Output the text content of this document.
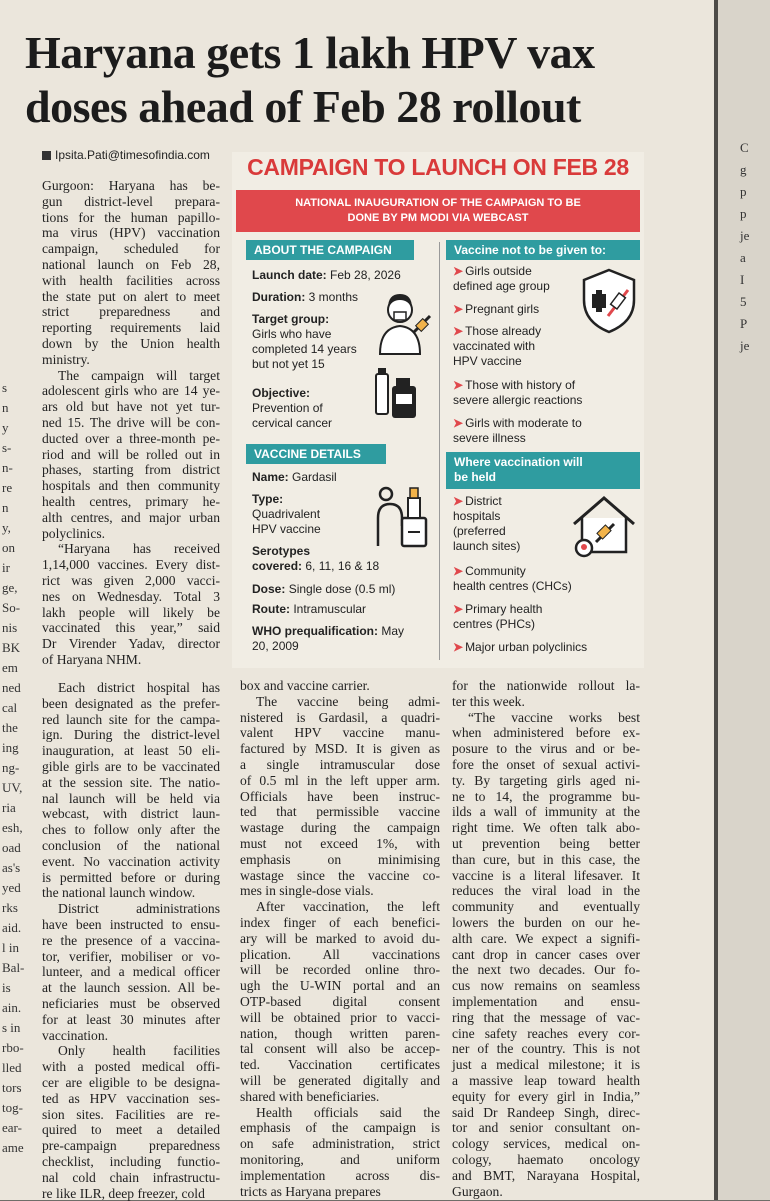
Haryana gets 1 lakh HPV vax
doses ahead of Feb 28 rollout
Ipsita.Pati@timesofindia.com
Gurgoon: Haryana has be-
gun district-level prepara-
tions for the human papillo-
ma virus (HPV) vaccination
campaign, scheduled for
national launch on Feb 28,
with health facilities across
the state put on alert to meet
strict preparedness and
reporting requirements laid
down by the Union health
ministry.
The campaign will target
adolescent girls who are 14 ye-
ars old but have not yet tur-
ned 15. The drive will be con-
ducted over a three-month pe-
riod and will be rolled out in
phases, starting from district
hospitals and then community
health centres, primary he-
alth centres, and major urban
polyclinics.
“Haryana has received
1,14,000 vaccines. Every dist-
rict was given 2,000 vacci-
nes on Wednesday. Total 3
lakh people will likely be
vaccinated this year,” said
Dr Virender Yadav, director
of Haryana NHM.
Each district hospital has
been designated as the prefer-
red launch site for the campa-
ign. During the district-level
inauguration, at least 50 eli-
gible girls are to be vaccinated
at the session site. The natio-
nal launch will be held via
webcast, with district laun-
ches to follow only after the
conclusion of the national
event. No vaccination activity
is permitted before or during
the national launch window.
District administrations
have been instructed to ensu-
re the presence of a vaccina-
tor, verifier, mobiliser or vo-
lunteer, and a medical officer
at the launch session. All be-
neficiaries must be observed
for at least 30 minutes after
vaccination.
Only health facilities
with a posted medical offi-
cer are eligible to be designa-
ted as HPV vaccination ses-
sion sites. Facilities are re-
quired to meet a detailed
pre-campaign preparedness
checklist, including functio-
nal cold chain infrastructu-
re like ILR, deep freezer, cold
box and vaccine carrier.
The vaccine being admi-
nistered is Gardasil, a quadri-
valent HPV vaccine manu-
factured by MSD. It is given as
a single intramuscular dose
of 0.5 ml in the left upper arm.
Officials have been instruc-
ted that permissible vaccine
wastage during the campaign
must not exceed 1%, with
emphasis on minimising
wastage since the vaccine co-
mes in single-dose vials.
After vaccination, the left
index finger of each benefici-
ary will be marked to avoid du-
plication. All vaccinations
will be recorded online thro-
ugh the U-WIN portal and an
OTP-based digital consent
will be obtained prior to vacci-
nation, though written paren-
tal consent will also be accep-
ted. Vaccination certificates
will be generated digitally and
shared with beneficiaries.
Health officials said the
emphasis of the campaign is
on safe administration, strict
monitoring, and uniform
implementation across dis-
tricts as Haryana prepares
for the nationwide rollout la-
ter this week.
“The vaccine works best
when administered before ex-
posure to the virus and or be-
fore the onset of sexual activi-
ty. By targeting girls aged ni-
ne to 14, the programme bu-
ilds a wall of immunity at the
right time. We often talk abo-
ut prevention being better
than cure, but in this case, the
vaccine is a literal lifesaver. It
reduces the viral load in the
community and eventually
lowers the burden on our he-
alth care. We expect a signifi-
cant drop in cancer cases over
the next two decades. Our fo-
cus now remains on seamless
implementation and ensu-
ring that the message of vac-
cine safety reaches every cor-
ner of the country. This is not
just a medical milestone; it is
a massive leap toward health
equity for every girl in India,”
said Dr Randeep Singh, direc-
tor and senior consultant on-
cology services, medical on-
cology, haemato oncology
and BMT, Narayana Hospital,
Gurgaon.
s
n
y
s-
n-
re
n
y,
on
ir
ge,
So-
nis
BK
em
ned
cal
the
ing
ng-
UV,
ria
esh,
oad
as's
yed
rks
aid.
l in
Bal-
is
ain.
s in
rbo-
lled
tors
tog-
ear-
ame
C
g
p
p
je
a
I
5
P
je
CAMPAIGN TO LAUNCH ON FEB 28
NATIONAL INAUGURATION OF THE CAMPAIGN TO BE
DONE BY PM MODI VIA WEBCAST
ABOUT THE CAMPAIGN
Launch date: Feb 28, 2026
Duration: 3 months
Target group:
Girls who have
completed 14 years
but not yet 15
Objective:
Prevention of
cervical cancer
VACCINE DETAILS
Name: Gardasil
Type:
Quadrivalent
HPV vaccine
Serotypes
covered: 6, 11, 16 & 18
Dose: Single dose (0.5 ml)
Route: Intramuscular
WHO prequalification: May
20, 2009
Vaccine not to be given to:
➤ Girls outside
defined age group
➤ Pregnant girls
➤ Those already
vaccinated with
HPV vaccine
➤ Those with history of
severe allergic reactions
➤ Girls with moderate to
severe illness
Where vaccination will
be held
➤ District
hospitals
(preferred
launch sites)
➤ Community
health centres (CHCs)
➤ Primary health
centres (PHCs)
➤ Major urban polyclinics
